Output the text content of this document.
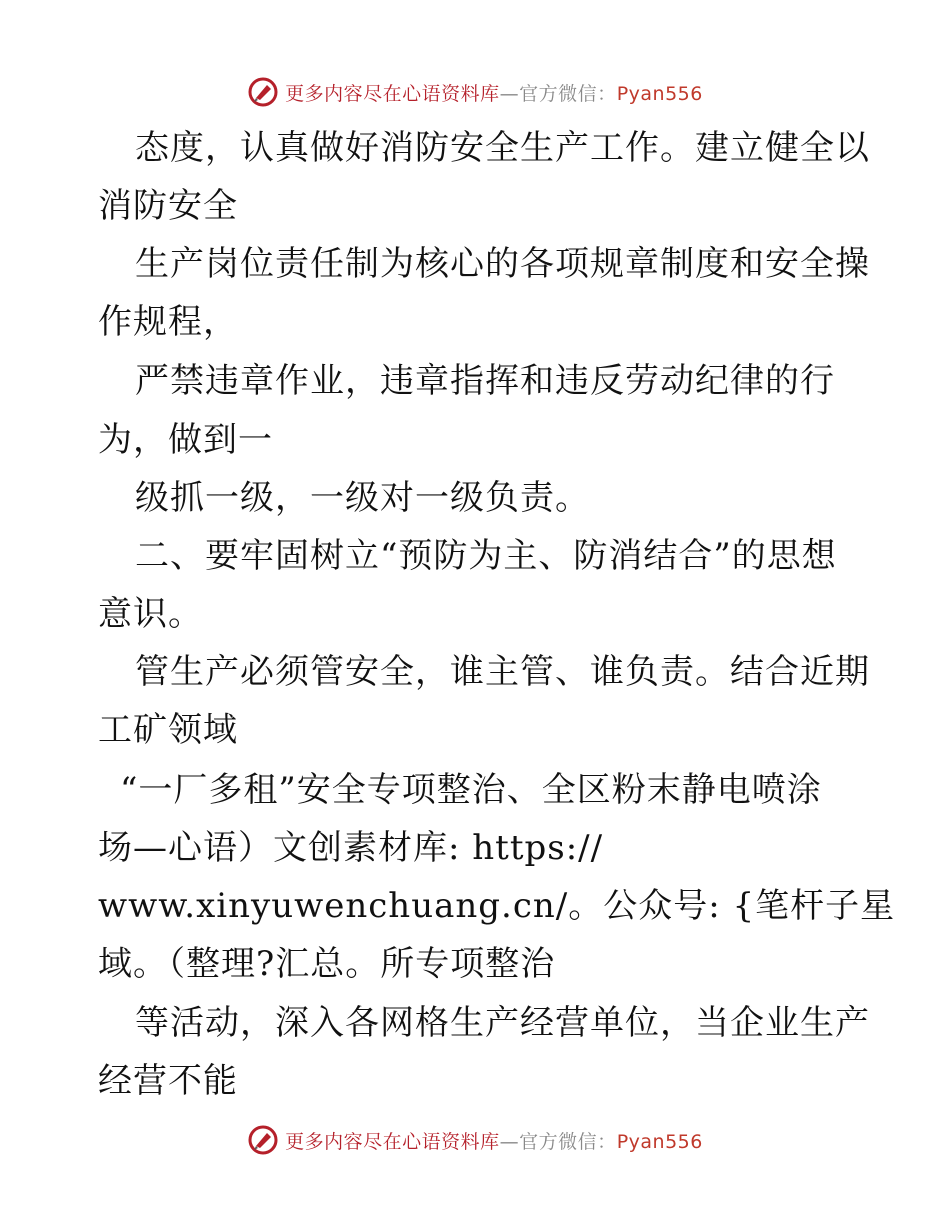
更多内容尽在心语资料库—官方微信：Pyan556
态度，认真做好消防安全生产工作。建立健全以
消防安全
生产岗位责任制为核心的各项规章制度和安全操
作规程，
严禁违章作业，违章指挥和违反劳动纪律的行
为，做到一
级抓一级，一级对一级负责。
二、要牢固树立“预防为主、防消结合”的思想
意识。
管生产必须管安全，谁主管、谁负责。结合近期
工矿领域
“一厂多租”安全专项整治、全区粉末静电喷涂
场—心语）文创素材库: https://
www.xinyuwenchuang.cn/。公众号: {笔杆子星
域。（整理?汇总。所专项整治
等活动，深入各网格生产经营单位，当企业生产
经营不能
更多内容尽在心语资料库—官方微信：Pyan556
